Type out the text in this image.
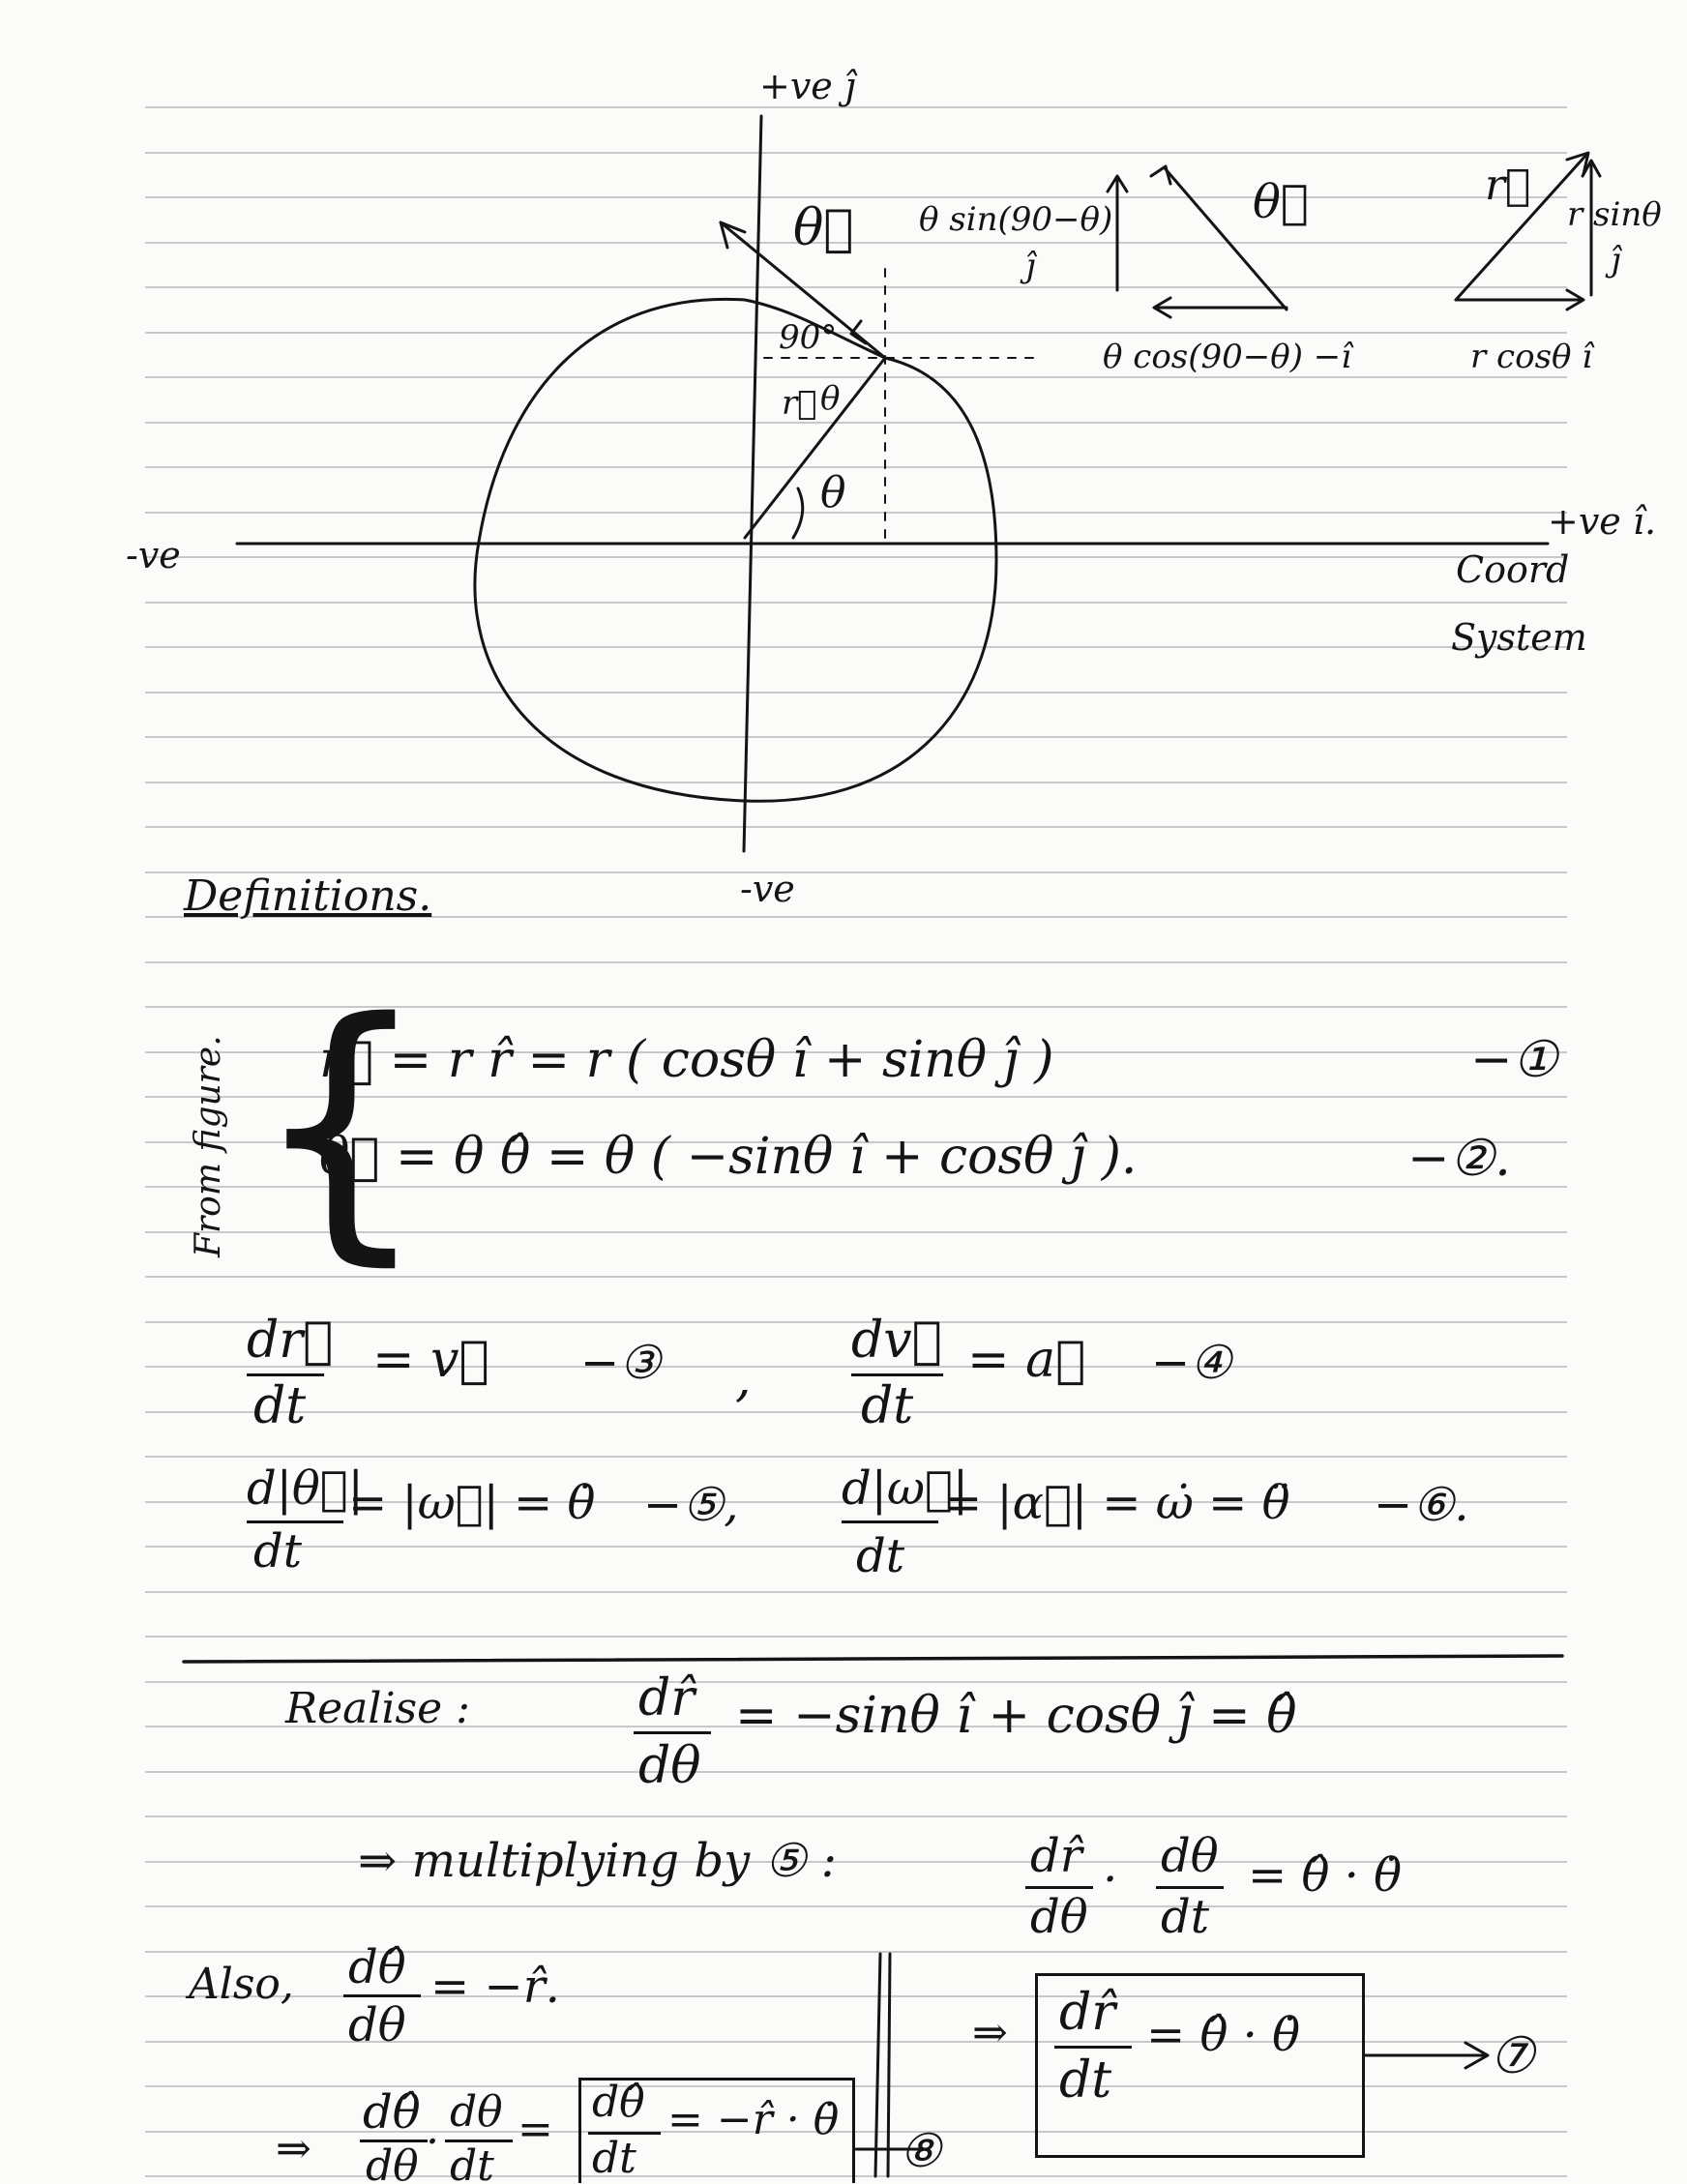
+ve ĵ
-ve
+ve î.
-ve	Coord
System
θ⃗
90°
r⃗ θ
θ
θ⃗
θ sin(90−θ)
ĵ
θ cos(90−θ) −î
r⃗
r sinθ
ĵ
r cosθ î
Definitions.
From figure. {
r⃗ = r r̂ = r ( cosθ î + sinθ ĵ )	−①
θ⃗ = θ θ̂ = θ ( −sinθ î + cosθ ĵ ).	−②.
dr⃗
dt
= v⃗ −③ ,
dv⃗
dt
= a⃗ −④
d|θ⃗|
dt
= |ω⃗| = θ̇ −⑤, d|ω⃗|
dt
= |α⃗| = ω̇ = θ̈ −⑥.
Realise :	dr̂
dθ
= −sinθ î + cosθ ĵ = θ̂
⇒ multiplying by ⑤ :	dr̂
dθ
. dθ
dt
= θ̂ · θ̇
⇒ dr̂
dt
= θ̂ · θ̇	⑦
Also, dθ̂
dθ
= −r̂.
⇒
dθ̂
dθ
. dθ
dt
=
dθ̂
dt
= −r̂ · θ̇
⑧
